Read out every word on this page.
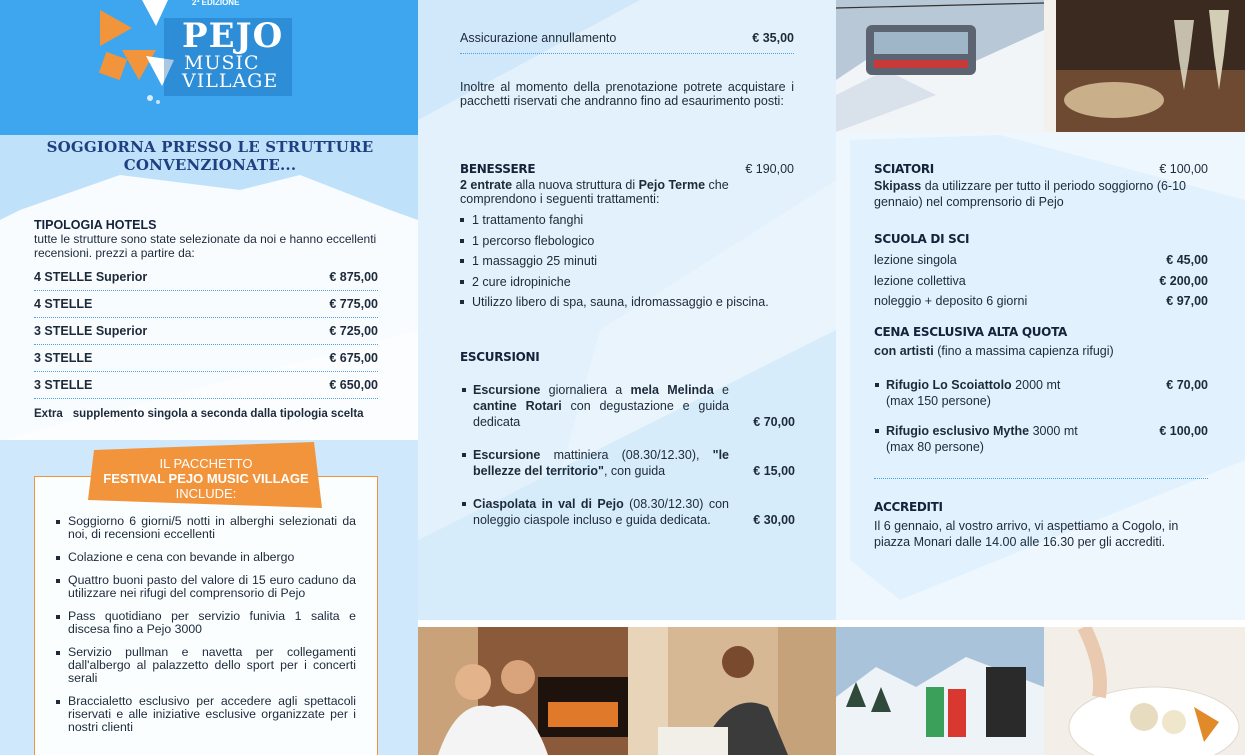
2ª EDIZIONE
PEJO
MUSIC
VILLAGE
SOGGIORNA PRESSO LE STRUTTURE CONVENZIONATE...
TIPOLOGIA HOTELS
tutte le strutture sono state selezionate da noi e hanno eccellenti recensioni. prezzi a partire da:
4 STELLE Superior	€ 875,00
4 STELLE	€ 775,00
3 STELLE Superior	€ 725,00
3 STELLE	€ 675,00
3 STELLE	€ 650,00
Extra supplemento singola a seconda dalla tipologia scelta
IL PACCHETTO
FESTIVAL PEJO MUSIC VILLAGE
INCLUDE:
Soggiorno 6 giorni/5 notti in alberghi selezionati da noi, di recensioni eccellenti
Colazione e cena con bevande in albergo
Quattro buoni pasto del valore di 15 euro caduno da utilizzare nei rifugi del comprensorio di Pejo
Pass quotidiano per servizio funivia 1 salita e discesa fino a Pejo 3000
Servizio pullman e navetta per collegamenti dall'albergo al palazzetto dello sport per i concerti serali
Braccialetto esclusivo per accedere agli spettacoli riservati e alle iniziative esclusive organizzate per i nostri clienti
Assicurazione annullamento	€ 35,00
Inoltre al momento della prenotazione potrete acquistare i pacchetti riservati che andranno fino ad esaurimento posti:
BENESSERE	€ 190,00
2 entrate alla nuova struttura di Pejo Terme che comprendono i seguenti trattamenti:
1 trattamento fanghi
1 percorso flebologico
1 massaggio 25 minuti
2 cure idropiniche
Utilizzo libero di spa, sauna, idromassaggio e piscina.
ESCURSIONI
Escursione giornaliera a mela Melinda e cantine Rotari con degustazione e guida dedicata	€ 70,00
Escursione mattiniera (08.30/12.30), "le bellezze del territorio", con guida	€ 15,00
Ciaspolata in val di Pejo (08.30/12.30) con noleggio ciaspole incluso e guida dedicata.	€ 30,00
SCIATORI	€ 100,00
Skipass da utilizzare per tutto il periodo soggiorno (6-10 gennaio) nel comprensorio di Pejo
SCUOLA DI SCI
lezione singola	€ 45,00
lezione collettiva	€ 200,00
noleggio + deposito 6 giorni	€ 97,00
CENA ESCLUSIVA ALTA QUOTA
con artisti (fino a massima capienza rifugi)
Rifugio Lo Scoiattolo 2000 mt
(max 150 persone)
€ 70,00
Rifugio esclusivo Mythe 3000 mt
(max 80 persone)
€ 100,00
ACCREDITI
Il 6 gennaio, al vostro arrivo, vi aspettiamo a Cogolo, in piazza Monari dalle 14.00 alle 16.30 per gli accrediti.
